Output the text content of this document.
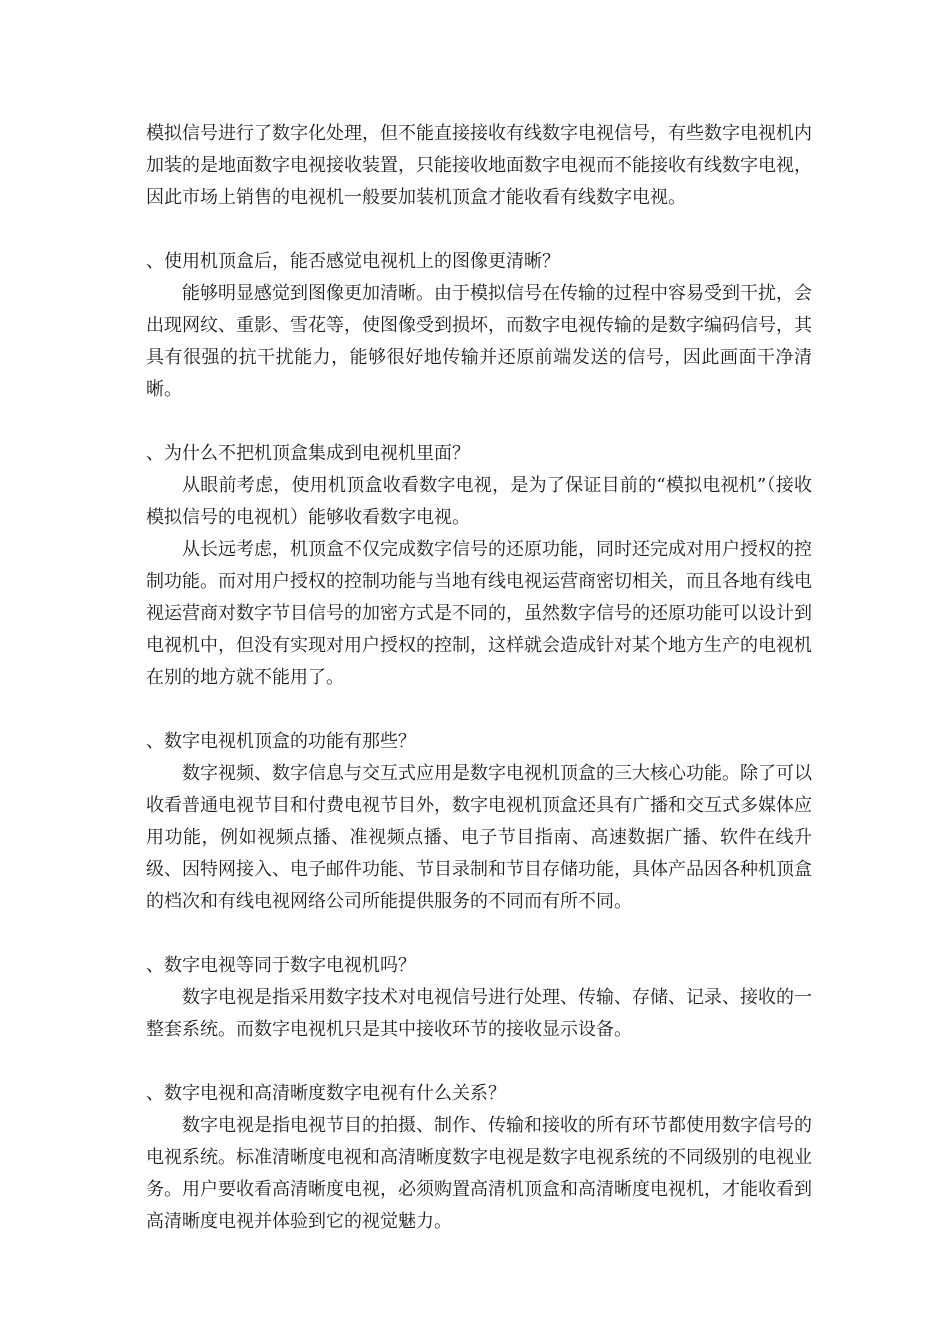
模拟信号进行了数字化处理，但不能直接接收有线数字电视信号，有些数字电视机内加装的是地面数字电视接收装置，只能接收地面数字电视而不能接收有线数字电视，因此市场上销售的电视机一般要加装机顶盒才能收看有线数字电视。

、使用机顶盒后，能否感觉电视机上的图像更清晰？

能够明显感觉到图像更加清晰。由于模拟信号在传输的过程中容易受到干扰，会出现网纹、重影、雪花等，使图像受到损坏，而数字电视传输的是数字编码信号，其具有很强的抗干扰能力，能够很好地传输并还原前端发送的信号，因此画面干净清晰。

、为什么不把机顶盒集成到电视机里面？

从眼前考虑，使用机顶盒收看数字电视，是为了保证目前的“模拟电视机”（接收模拟信号的电视机）能够收看数字电视。

从长远考虑，机顶盒不仅完成数字信号的还原功能，同时还完成对用户授权的控制功能。而对用户授权的控制功能与当地有线电视运营商密切相关，而且各地有线电视运营商对数字节目信号的加密方式是不同的，虽然数字信号的还原功能可以设计到电视机中，但没有实现对用户授权的控制，这样就会造成针对某个地方生产的电视机在别的地方就不能用了。

、数字电视机顶盒的功能有那些？

数字视频、数字信息与交互式应用是数字电视机顶盒的三大核心功能。除了可以收看普通电视节目和付费电视节目外，数字电视机顶盒还具有广播和交互式多媒体应用功能，例如视频点播、准视频点播、电子节目指南、高速数据广播、软件在线升级、因特网接入、电子邮件功能、节目录制和节目存储功能，具体产品因各种机顶盒的档次和有线电视网络公司所能提供服务的不同而有所不同。

、数字电视等同于数字电视机吗？

数字电视是指采用数字技术对电视信号进行处理、传输、存储、记录、接收的一整套系统。而数字电视机只是其中接收环节的接收显示设备。

、数字电视和高清晰度数字电视有什么关系？

数字电视是指电视节目的拍摄、制作、传输和接收的所有环节都使用数字信号的电视系统。标准清晰度电视和高清晰度数字电视是数字电视系统的不同级别的电视业务。用户要收看高清晰度电视，必须购置高清机顶盒和高清晰度电视机，才能收看到高清晰度电视并体验到它的视觉魅力。
